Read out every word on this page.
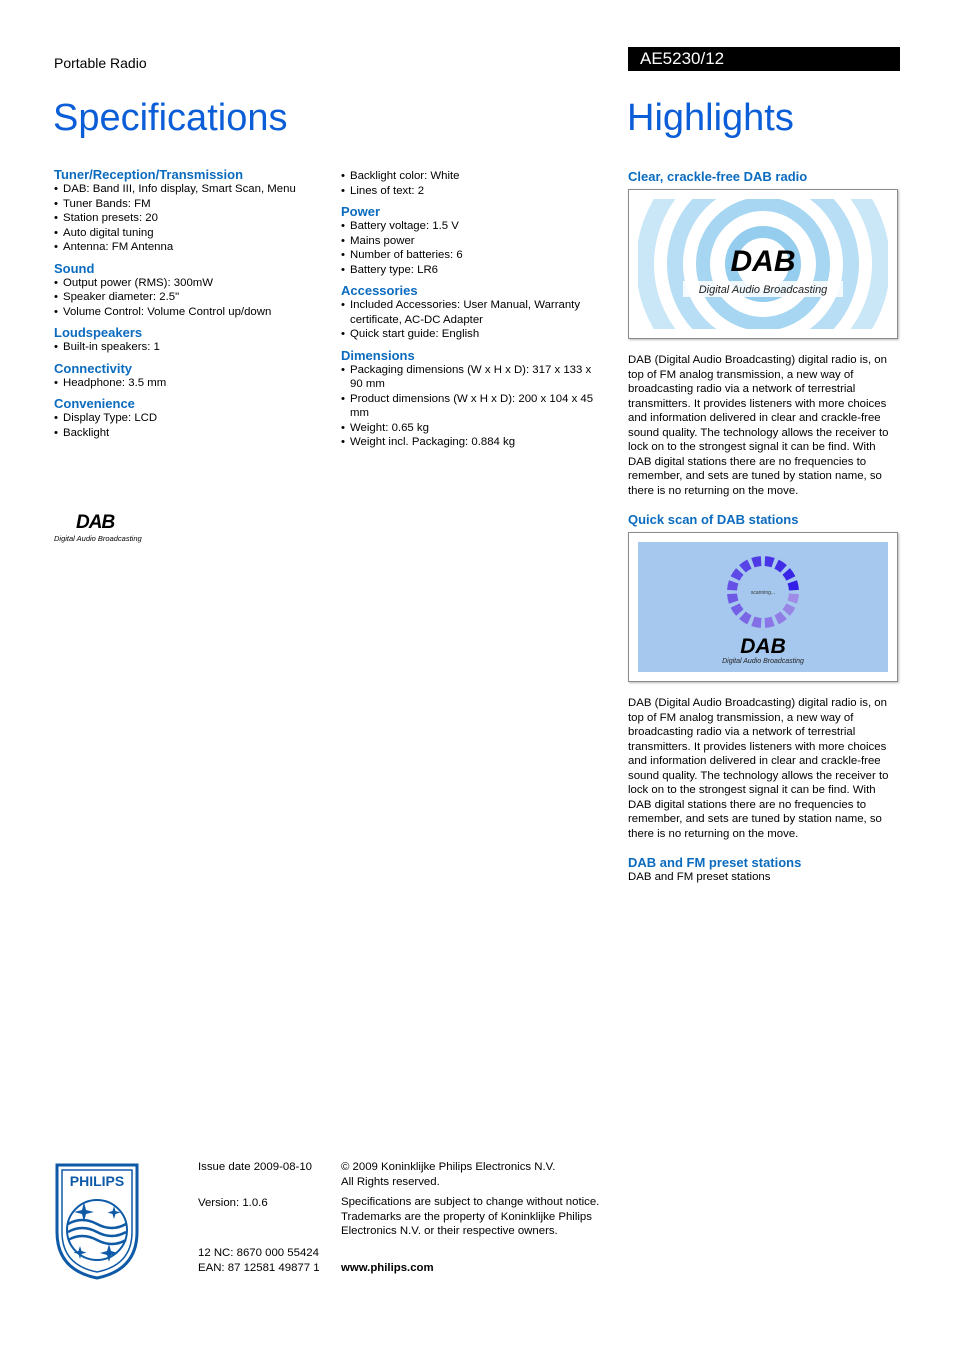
Portable Radio	AE5230/12
Specifications	Highlights
Tuner/Reception/Transmission
• DAB: Band III, Info display, Smart Scan, Menu
• Tuner Bands: FM
• Station presets: 20
• Auto digital tuning
• Antenna: FM Antenna
Sound
• Output power (RMS): 300mW
• Speaker diameter: 2.5"
• Volume Control: Volume Control up/down
Loudspeakers
• Built-in speakers: 1
Connectivity
• Headphone: 3.5 mm
Convenience
• Display Type: LCD
• Backlight
DAB
Digital Audio Broadcasting
• Backlight color: White
• Lines of text: 2
Power
• Battery voltage: 1.5 V
• Mains power
• Number of batteries: 6
• Battery type: LR6
Accessories
• Included Accessories: User Manual, Warranty certificate, AC-DC Adapter
• Quick start guide: English
Dimensions
• Packaging dimensions (W x H x D): 317 x 133 x 90 mm
• Product dimensions (W x H x D): 200 x 104 x 45 mm
• Weight: 0.65 kg
• Weight incl. Packaging: 0.884 kg
Clear, crackle-free DAB radio
DAB
Digital Audio Broadcasting

DAB (Digital Audio Broadcasting) digital radio is, on top of FM analog transmission, a new way of broadcasting radio via a network of terrestrial transmitters. It provides listeners with more choices and information delivered in clear and crackle-free sound quality. The technology allows the receiver to lock on to the strongest signal it can be find. With DAB digital stations there are no frequencies to remember, and sets are tuned by station name, so there is no returning on the move.

Quick scan of DAB stations
scanning...
DAB
Digital Audio Broadcasting

DAB (Digital Audio Broadcasting) digital radio is, on top of FM analog transmission, a new way of broadcasting radio via a network of terrestrial transmitters. It provides listeners with more choices and information delivered in clear and crackle-free sound quality. The technology allows the receiver to lock on to the strongest signal it can be find. With DAB digital stations there are no frequencies to remember, and sets are tuned by station name, so there is no returning on the move.

DAB and FM preset stations

DAB and FM preset stations

PHILIPS
Issue date 2009-08-10
Version: 1.0.6
12 NC: 8670 000 55424
EAN: 87 12581 49877 1
© 2009 Koninklijke Philips Electronics N.V.
All Rights reserved.
Specifications are subject to change without notice.
Trademarks are the property of Koninklijke Philips
Electronics N.V. or their respective owners.
www.philips.com
